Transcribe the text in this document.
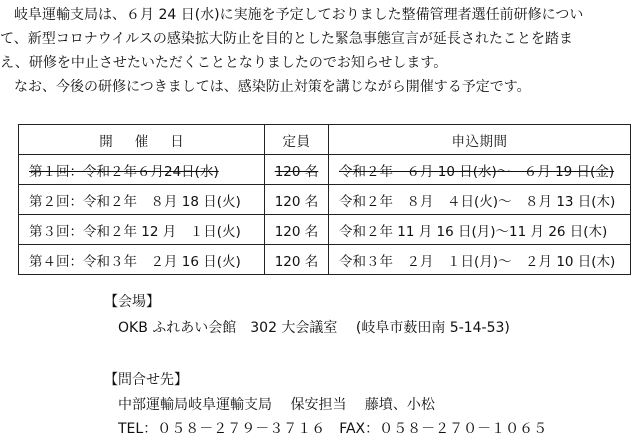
　岐阜運輸支局は、６月 24 日(水)に実施を予定しておりました整備管理者選任前研修につい

て、新型コロナウイルスの感染拡大防止を目的とした緊急事態宣言が延長されたことを踏ま

え、研修を中止させたいただくこととなりましたのでお知らせします。

　なお、今後の研修につきましては、感染防止対策を講じながら開催する予定です。

開催日	定員	申込期間
第１回：令和２年６月24日(水)	120 名	令和２年　６月 10 日(水)～　６月 19 日(金)
第２回：令和２年　８月 18 日(火)	120 名	令和２年　８月　４日(火)～　８月 13 日(木)
第３回：令和２年 12 月　１日(火)	120 名	令和２年 11 月 16 日(月)～11 月 26 日(木)
第４回：令和３年　２月 16 日(火)	120 名	令和３年　２月　１日(月)～　２月 10 日(木)
【会場】
OKB ふれあい会館　302 大会議室　 (岐阜市薮田南 5-14-53)
【問合せ先】
中部運輸局岐阜運輸支局　 保安担当　 藤墳、小松
TEL：０５８－２７９－３７１６　FAX：０５８－２７０－１０６５
